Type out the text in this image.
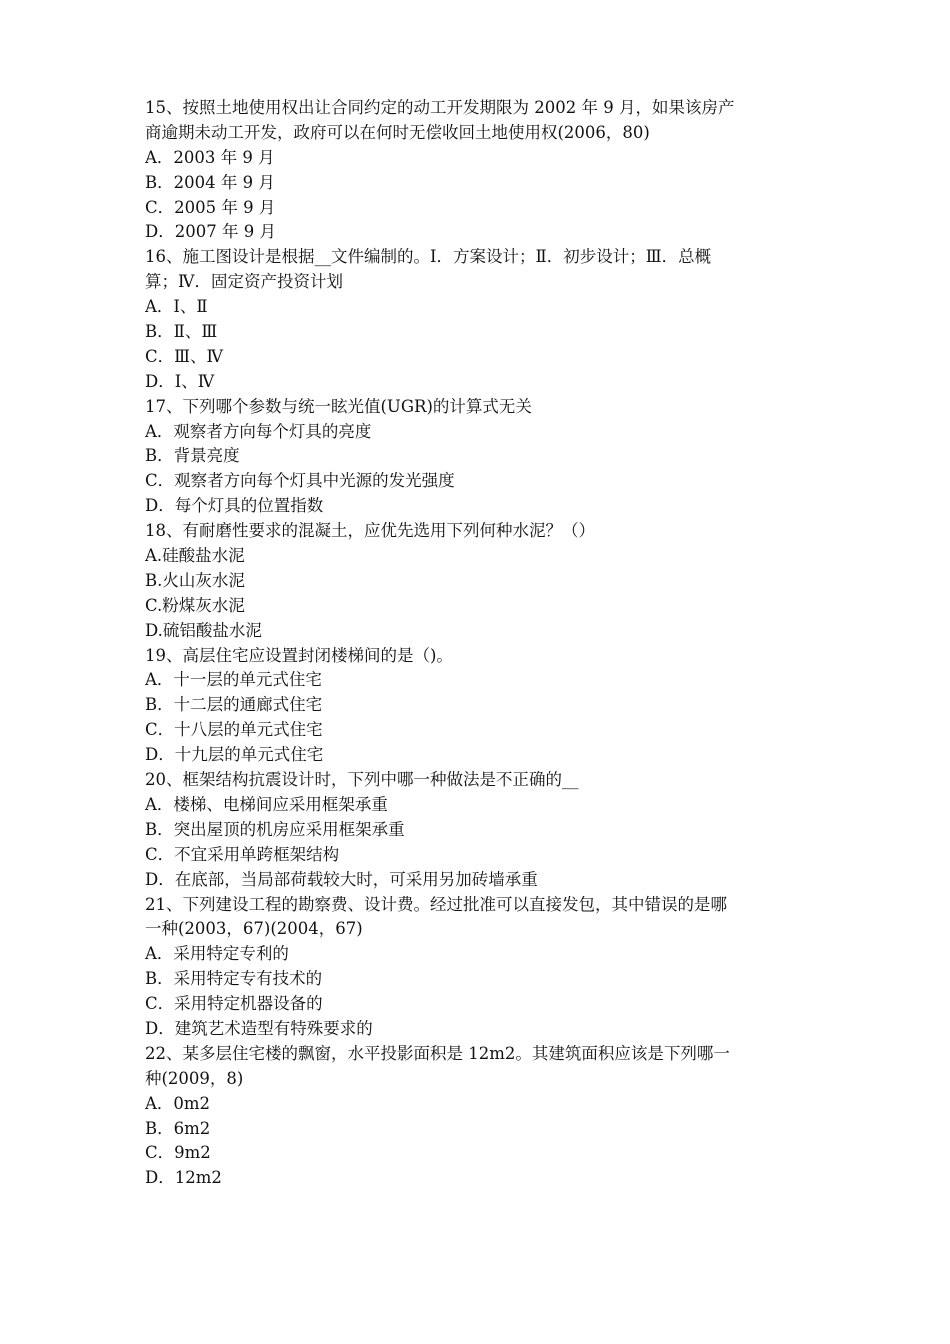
15、按照土地使用权出让合同约定的动工开发期限为 2002 年 9 月，如果该房产
商逾期未动工开发，政府可以在何时无偿收回土地使用权(2006，80)
A．2003 年 9 月
B．2004 年 9 月
C．2005 年 9 月
D．2007 年 9 月
16、施工图设计是根据__文件编制的。Ⅰ．方案设计；Ⅱ．初步设计；Ⅲ．总概
算；Ⅳ．固定资产投资计划
A．Ⅰ、Ⅱ
B．Ⅱ、Ⅲ
C．Ⅲ、Ⅳ
D．Ⅰ、Ⅳ
17、下列哪个参数与统一眩光值(UGR)的计算式无关
A．观察者方向每个灯具的亮度
B．背景亮度
C．观察者方向每个灯具中光源的发光强度
D．每个灯具的位置指数
18、有耐磨性要求的混凝土，应优先选用下列何种水泥？（）
A.硅酸盐水泥
B.火山灰水泥
C.粉煤灰水泥
D.硫铝酸盐水泥
19、高层住宅应设置封闭楼梯间的是（)。
A．十一层的单元式住宅
B．十二层的通廊式住宅
C．十八层的单元式住宅
D．十九层的单元式住宅
20、框架结构抗震设计时，下列中哪一种做法是不正确的__
A．楼梯、电梯间应采用框架承重
B．突出屋顶的机房应采用框架承重
C．不宜采用单跨框架结构
D．在底部，当局部荷载较大时，可采用另加砖墙承重
21、下列建设工程的勘察费、设计费。经过批准可以直接发包，其中错误的是哪
一种(2003，67)(2004，67)
A．采用特定专利的
B．采用特定专有技术的
C．采用特定机器设备的
D．建筑艺术造型有特殊要求的
22、某多层住宅楼的飘窗，水平投影面积是 12m2。其建筑面积应该是下列哪一
种(2009，8)
A．0m2
B．6m2
C．9m2
D．12m2
